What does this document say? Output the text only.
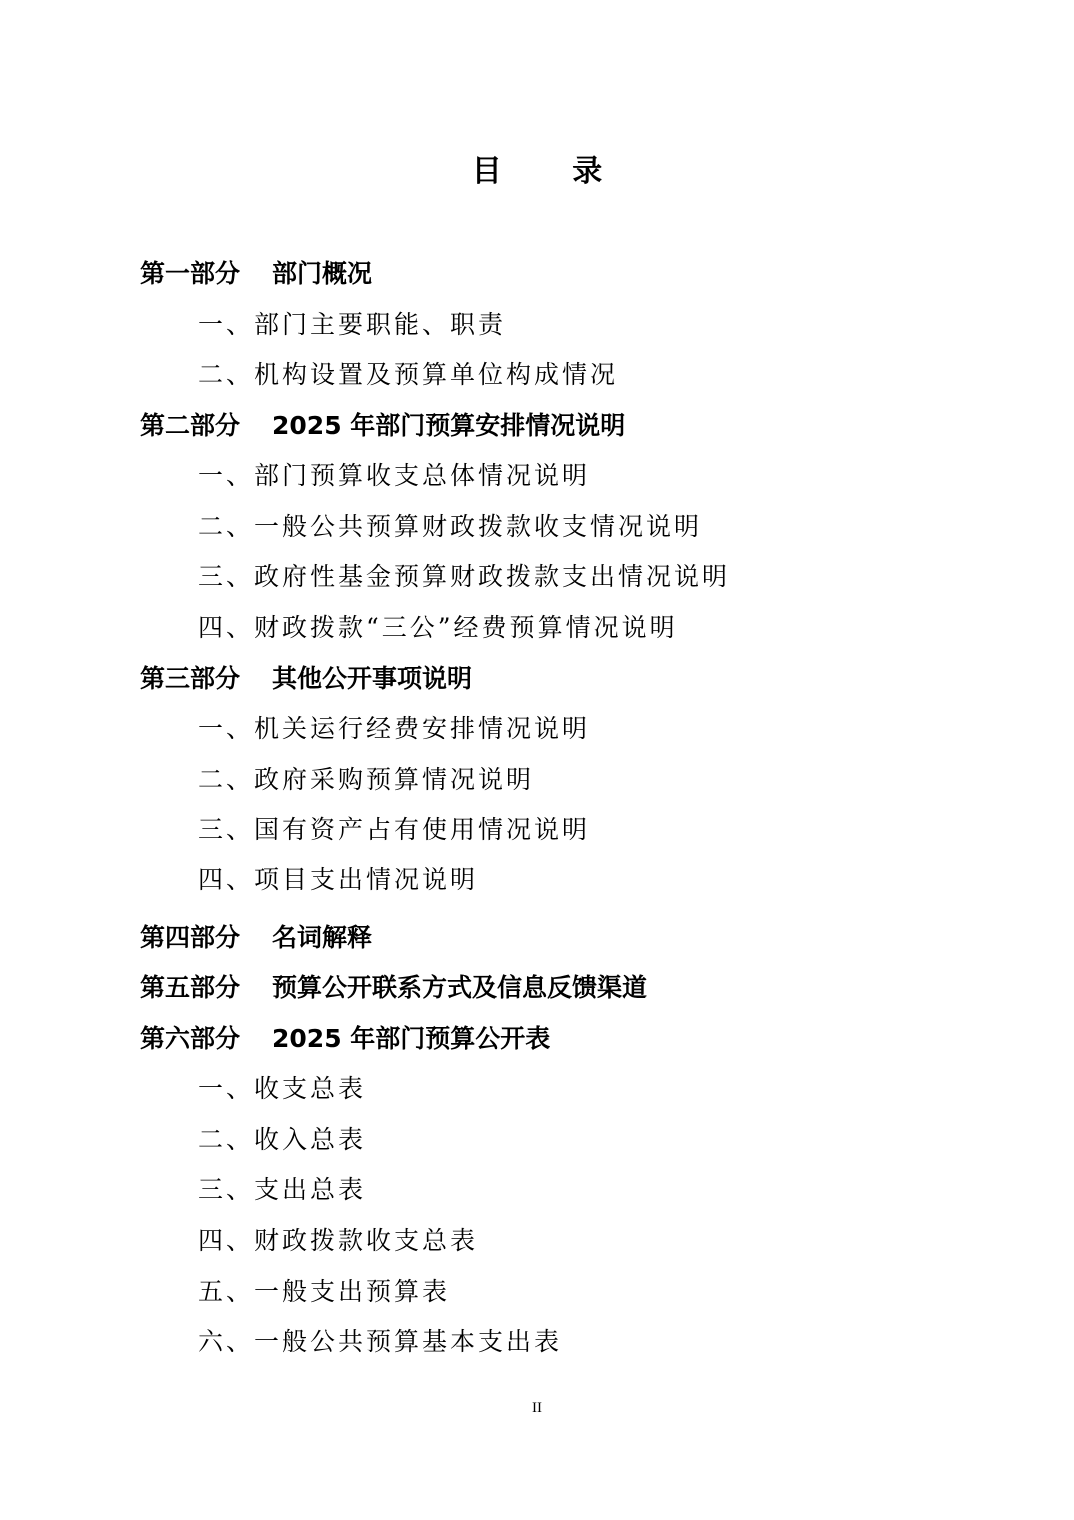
目 录
第一部分 部门概况
一、部门主要职能、职责
二、机构设置及预算单位构成情况
第二部分 2025 年部门预算安排情况说明
一、部门预算收支总体情况说明
二、一般公共预算财政拨款收支情况说明
三、政府性基金预算财政拨款支出情况说明
四、财政拨款“三公”经费预算情况说明
第三部分 其他公开事项说明
一、机关运行经费安排情况说明
二、政府采购预算情况说明
三、国有资产占有使用情况说明
四、项目支出情况说明
第四部分 名词解释
第五部分 预算公开联系方式及信息反馈渠道
第六部分 2025 年部门预算公开表
一、收支总表
二、收入总表
三、支出总表
四、财政拨款收支总表
五、一般支出预算表
六、一般公共预算基本支出表
II
